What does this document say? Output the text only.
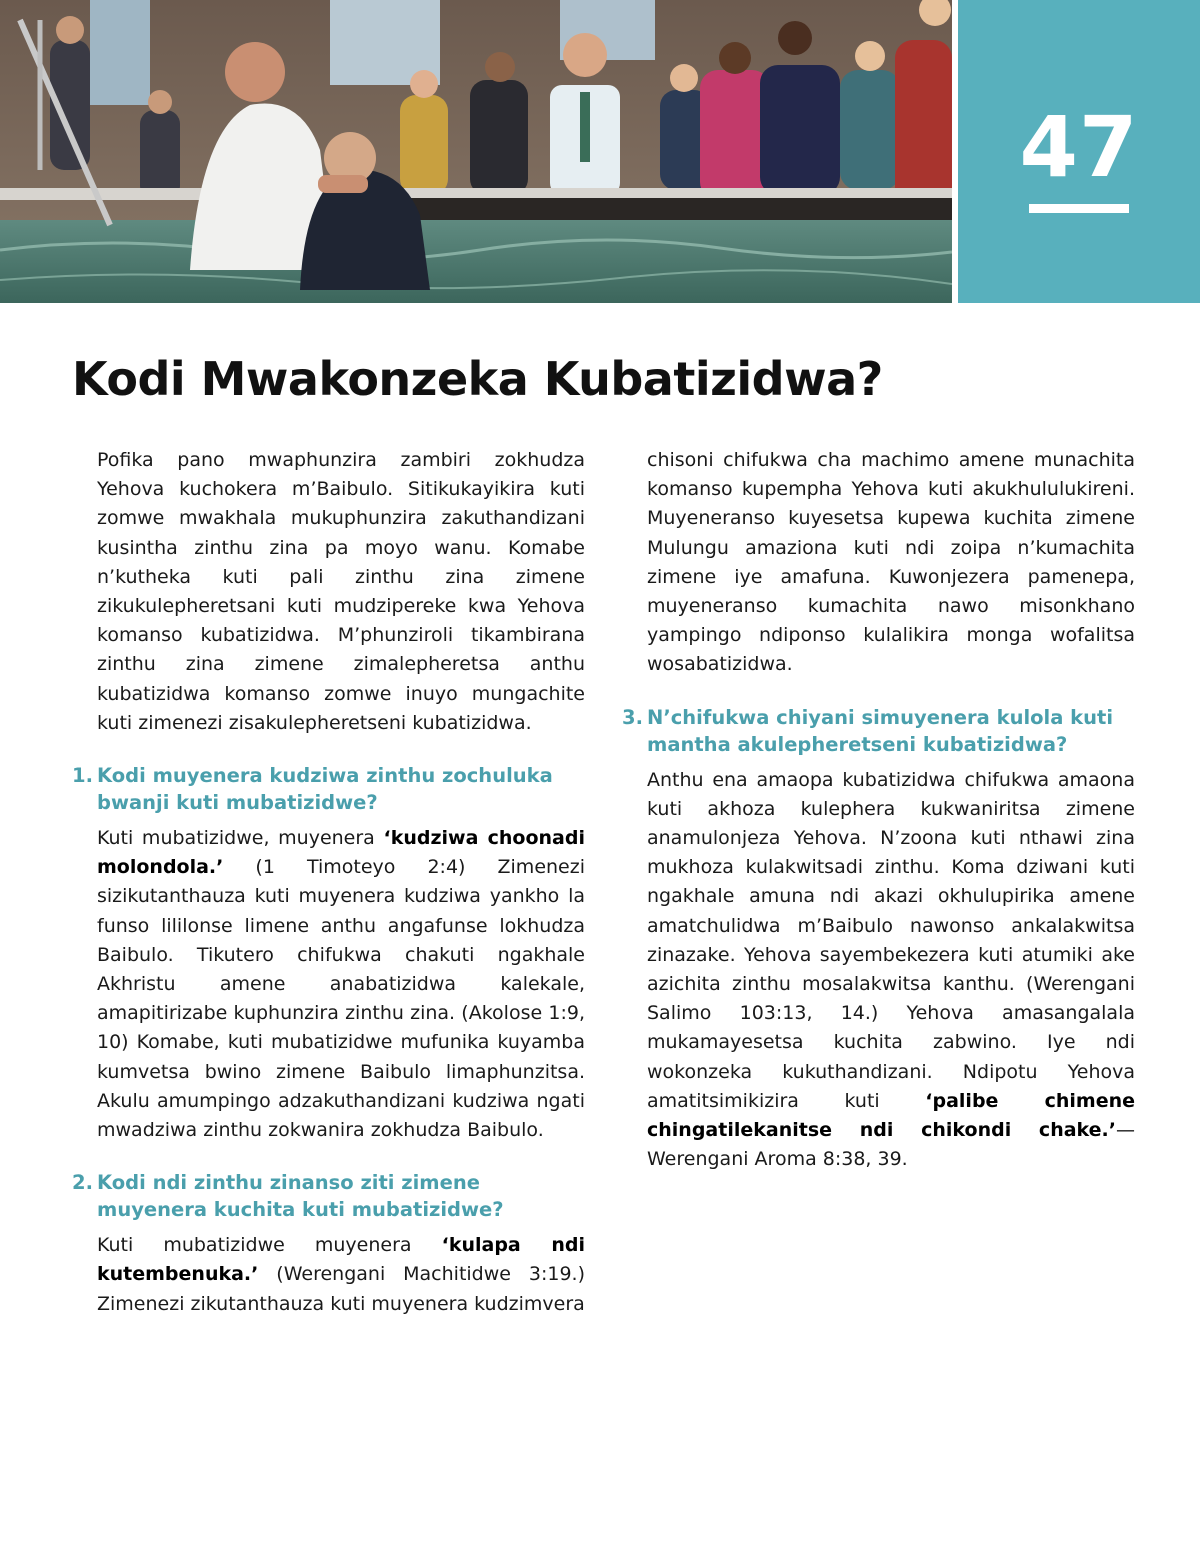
47
Kodi Mwakonzeka Kubatizidwa?

Pofika pano mwaphunzira zambiri zokhudza Yehova kuchokera m’Baibulo. Sitikukayikira kuti zomwe mwakhala mukuphunzira zakuthandizani kusintha zinthu zina pa moyo wanu. Komabe n’kutheka kuti pali zinthu zina zimene zikukulepheretsani kuti mudzipereke kwa Yehova komanso kubatizidwa. M’phunziroli tikambirana zinthu zina zimene zimalepheretsa anthu kubatizidwa komanso zomwe inuyo mungachite kuti zimenezi zisakulepheretseni kubatizidwa.

1. Kodi muyenera kudziwa zinthu zochuluka bwanji kuti mubatizidwe?

Kuti mubatizidwe, muyenera ‘kudziwa choonadi molondola.’ (1 Timoteyo 2:4) Zimenezi sizikutanthauza kuti muyenera kudziwa yankho la funso lililonse limene anthu angafunse lokhudza Baibulo. Tikutero chifukwa chakuti ngakhale Akhristu amene anabatizidwa kalekale, amapitirizabe kuphunzira zinthu zina. (Akolose 1:9, 10) Komabe, kuti mubatizidwe mufunika kuyamba kumvetsa bwino zimene Baibulo limaphunzitsa. Akulu amumpingo adzakuthandizani kudziwa ngati mwadziwa zinthu zokwanira zokhudza Baibulo.

2. Kodi ndi zinthu zinanso ziti zimene muyenera kuchita kuti mubatizidwe?

Kuti mubatizidwe muyenera ‘kulapa ndi kutembenuka.’ (Werengani Machitidwe 3:19.) Zimenezi zikutanthauza kuti muyenera kudzimvera

chisoni chifukwa cha machimo amene munachita komanso kupempha Yehova kuti akukhululukireni. Muyeneranso kuyesetsa kupewa kuchita zimene Mulungu amaziona kuti ndi zoipa n’kumachita zimene iye amafuna. Kuwonjezera pamenepa, muyeneranso kumachita nawo misonkhano yampingo ndiponso kulalikira monga wofalitsa wosabatizidwa.

3. N’chifukwa chiyani simuyenera kulola kuti mantha akulepheretseni kubatizidwa?

Anthu ena amaopa kubatizidwa chifukwa amaona kuti akhoza kulephera kukwaniritsa zimene anamulonjeza Yehova. N’zoona kuti nthawi zina mukhoza kulakwitsadi zinthu. Koma dziwani kuti ngakhale amuna ndi akazi okhulupirika amene amatchulidwa m’Baibulo nawonso ankalakwitsa zinazake. Yehova sayembekezera kuti atumiki ake azichita zinthu mosalakwitsa kanthu. (Werengani Salimo 103:13, 14.) Yehova amasangalala mukamayesetsa kuchita zabwino. Iye ndi wokonzeka kukuthandizani. Ndipotu Yehova amatitsimikizira kuti ‘palibe chimene chingatilekanitse ndi chikondi chake.’—Werengani Aroma 8:38, 39.
